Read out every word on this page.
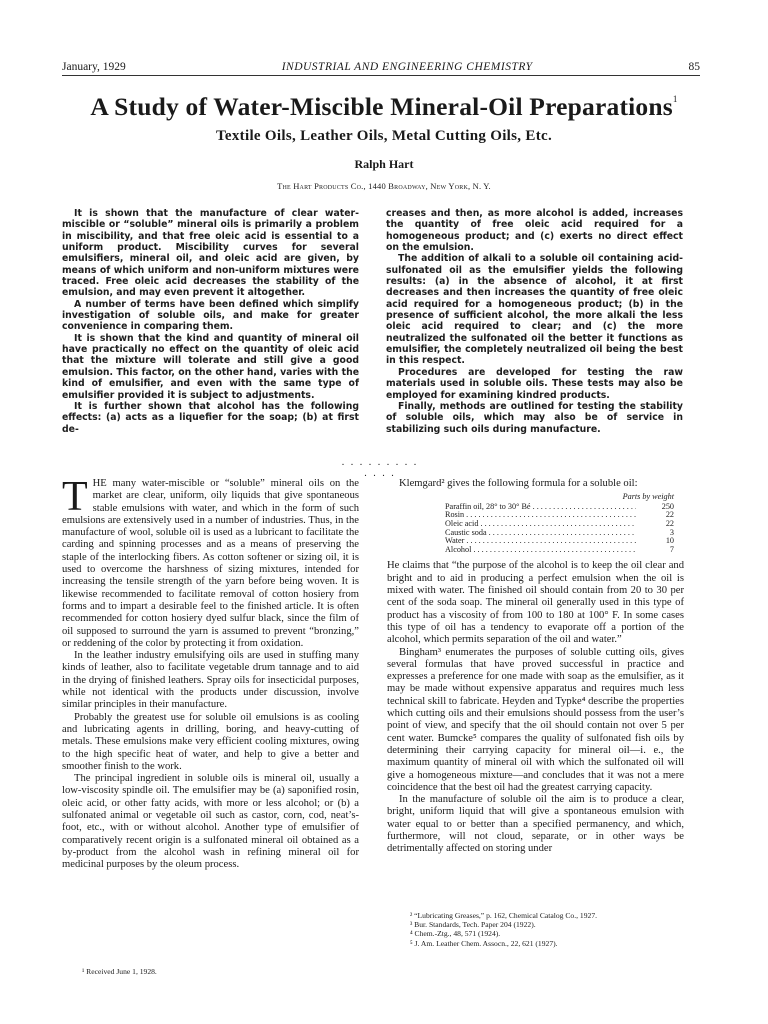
January, 1929	INDUSTRIAL AND ENGINEERING CHEMISTRY	85
A Study of Water-Miscible Mineral-Oil Preparations$^1$
Textile Oils, Leather Oils, Metal Cutting Oils, Etc.
Ralph Hart
The Hart Products Co., 1440 Broadway, New York, N. Y.

It is shown that the manufacture of clear water-miscible or “soluble” mineral oils is primarily a problem in miscibility, and that free oleic acid is essential to a uniform product. Miscibility curves for several emulsifiers, mineral oil, and oleic acid are given, by means of which uniform and non-uniform mixtures were traced. Free oleic acid decreases the stability of the emulsion, and may even prevent it altogether.

A number of terms have been defined which simplify investigation of soluble oils, and make for greater convenience in comparing them.

It is shown that the kind and quantity of mineral oil have practically no effect on the quantity of oleic acid that the mixture will tolerate and still give a good emulsion. This factor, on the other hand, varies with the kind of emulsifier, and even with the same type of emulsifier provided it is subject to adjustments.

It is further shown that alcohol has the following effects: (a) acts as a liquefier for the soap; (b) at first de-

creases and then, as more alcohol is added, increases the quantity of free oleic acid required for a homogeneous product; and (c) exerts no direct effect on the emulsion.

The addition of alkali to a soluble oil containing acid-sulfonated oil as the emulsifier yields the following results: (a) in the absence of alcohol, it at first decreases and then increases the quantity of free oleic acid required for a homogeneous product; (b) in the presence of sufficient alcohol, the more alkali the less oleic acid required to clear; and (c) the more neutralized the sulfonated oil the better it functions as emulsifier, the completely neutralized oil being the best in this respect.

Procedures are developed for testing the raw materials used in soluble oils. These tests may also be employed for examining kindred products.

Finally, methods are outlined for testing the stability of soluble oils, which may also be of service in stabilizing such oils during manufacture.

. . . . . . . . . . . . .

THE many water-miscible or “soluble” mineral oils on the market are clear, uniform, oily liquids that give spontaneous stable emulsions with water, and which in the form of such emulsions are extensively used in a number of industries. Thus, in the manufacture of wool, soluble oil is used as a lubricant to facilitate the carding and spinning processes and as a means of preserving the staple of the interlocking fibers. As cotton softener or sizing oil, it is used to overcome the harshness of sizing mixtures, intended for increasing the tensile strength of the yarn before being woven. It is likewise recommended to facilitate removal of cotton hosiery from forms and to impart a desirable feel to the finished article. It is often recommended for cotton hosiery dyed sulfur black, since the film of oil supposed to surround the yarn is assumed to prevent “bronzing,” or reddening of the color by protecting it from oxidation.

In the leather industry emulsifying oils are used in stuffing many kinds of leather, also to facilitate vegetable drum tannage and to aid in the drying of finished leathers. Spray oils for insecticidal purposes, while not identical with the products under discussion, involve similar principles in their manufacture.

Probably the greatest use for soluble oil emulsions is as cooling and lubricating agents in drilling, boring, and heavy-cutting of metals. These emulsions make very efficient cooling mixtures, owing to the high specific heat of water, and help to give a better and smoother finish to the work.

The principal ingredient in soluble oils is mineral oil, usually a low-viscosity spindle oil. The emulsifier may be (a) saponified rosin, oleic acid, or other fatty acids, with more or less alcohol; or (b) a sulfonated animal or vegetable oil such as castor, corn, cod, neat’s-foot, etc., with or without alcohol. Another type of emulsifier of comparatively recent origin is a sulfonated mineral oil obtained as a by-product from the alcohol wash in refining mineral oil for medicinal purposes by the oleum process.

¹ Received June 1, 1928.

Klemgard² gives the following formula for a soluble oil:

Parts by weight
Paraffin oil, 28° to 30° Bé . . .	250
Rosin . . .	22
Oleic acid . . .	22
Caustic soda . . .	3
Water . . .	10
Alcohol . . .	7

He claims that “the purpose of the alcohol is to keep the oil clear and bright and to aid in producing a perfect emulsion when the oil is mixed with water. The finished oil should contain from 20 to 30 per cent of the soda soap. The mineral oil generally used in this type of product has a viscosity of from 100 to 180 at 100° F. In some cases this type of oil has a tendency to evaporate off a portion of the alcohol, which permits separation of the oil and water.”

Bingham³ enumerates the purposes of soluble cutting oils, gives several formulas that have proved successful in practice and expresses a preference for one made with soap as the emulsifier, as it may be made without expensive apparatus and requires much less technical skill to fabricate. Heyden and Typke⁴ describe the properties which cutting oils and their emulsions should possess from the user’s point of view, and specify that the oil should contain not over 5 per cent water. Bumcke⁵ compares the quality of sulfonated fish oils by determining their carrying capacity for mineral oil—i. e., the maximum quantity of mineral oil with which the sulfonated oil will give a homogeneous mixture—and concludes that it was not a mere coincidence that the best oil had the greatest carrying capacity.

In the manufacture of soluble oil the aim is to produce a clear, bright, uniform liquid that will give a spontaneous emulsion with water equal to or better than a specified permanency, and which, furthermore, will not cloud, separate, or in other ways be detrimentally affected on storing under

² “Lubricating Greases,” p. 162, Chemical Catalog Co., 1927.
³ Bur. Standards, Tech. Paper 204 (1922).
⁴ Chem.-Ztg., 48, 571 (1924).
⁵ J. Am. Leather Chem. Assocn., 22, 621 (1927).
